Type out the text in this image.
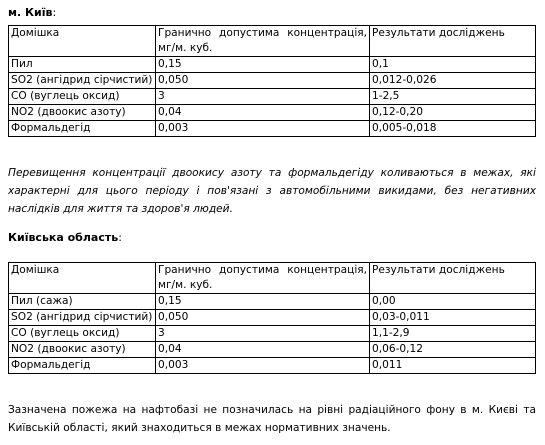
м. Київ:
Домішка	Гранично допустима концентрація, мг/м. куб.	Результати досліджень
Пил	0,15	0,1
SO2 (ангідрид сірчистий)	0,050	0,012-0,026
СО (вуглець оксид)	3	1-2,5
NO2 (двоокис азоту)	0,04	0,12-0,20
Формальдегід	0,003	0,005-0,018
Перевищення концентрації двоокису азоту та формальдегіду коливаються в межах, які характерні для цього періоду і пов'язані з автомобільними викидами, без негативних наслідків для життя та здоров'я людей.
Київська область:
Домішка	Гранично допустима концентрація, мг/м. куб.	Результати досліджень
Пил (сажа)	0,15	0,00
SO2 (ангідрид сірчистий)	0,050	0,03-0,011
СО (вуглець оксид)	3	1,1-2,9
NO2 (двоокис азоту)	0,04	0,06-0,12
Формальдегід	0,003	0,011
Зазначена пожежа на нафтобазі не позначилась на рівні радіаційного фону в м. Києві та Київській області, який знаходиться в межах нормативних значень.
